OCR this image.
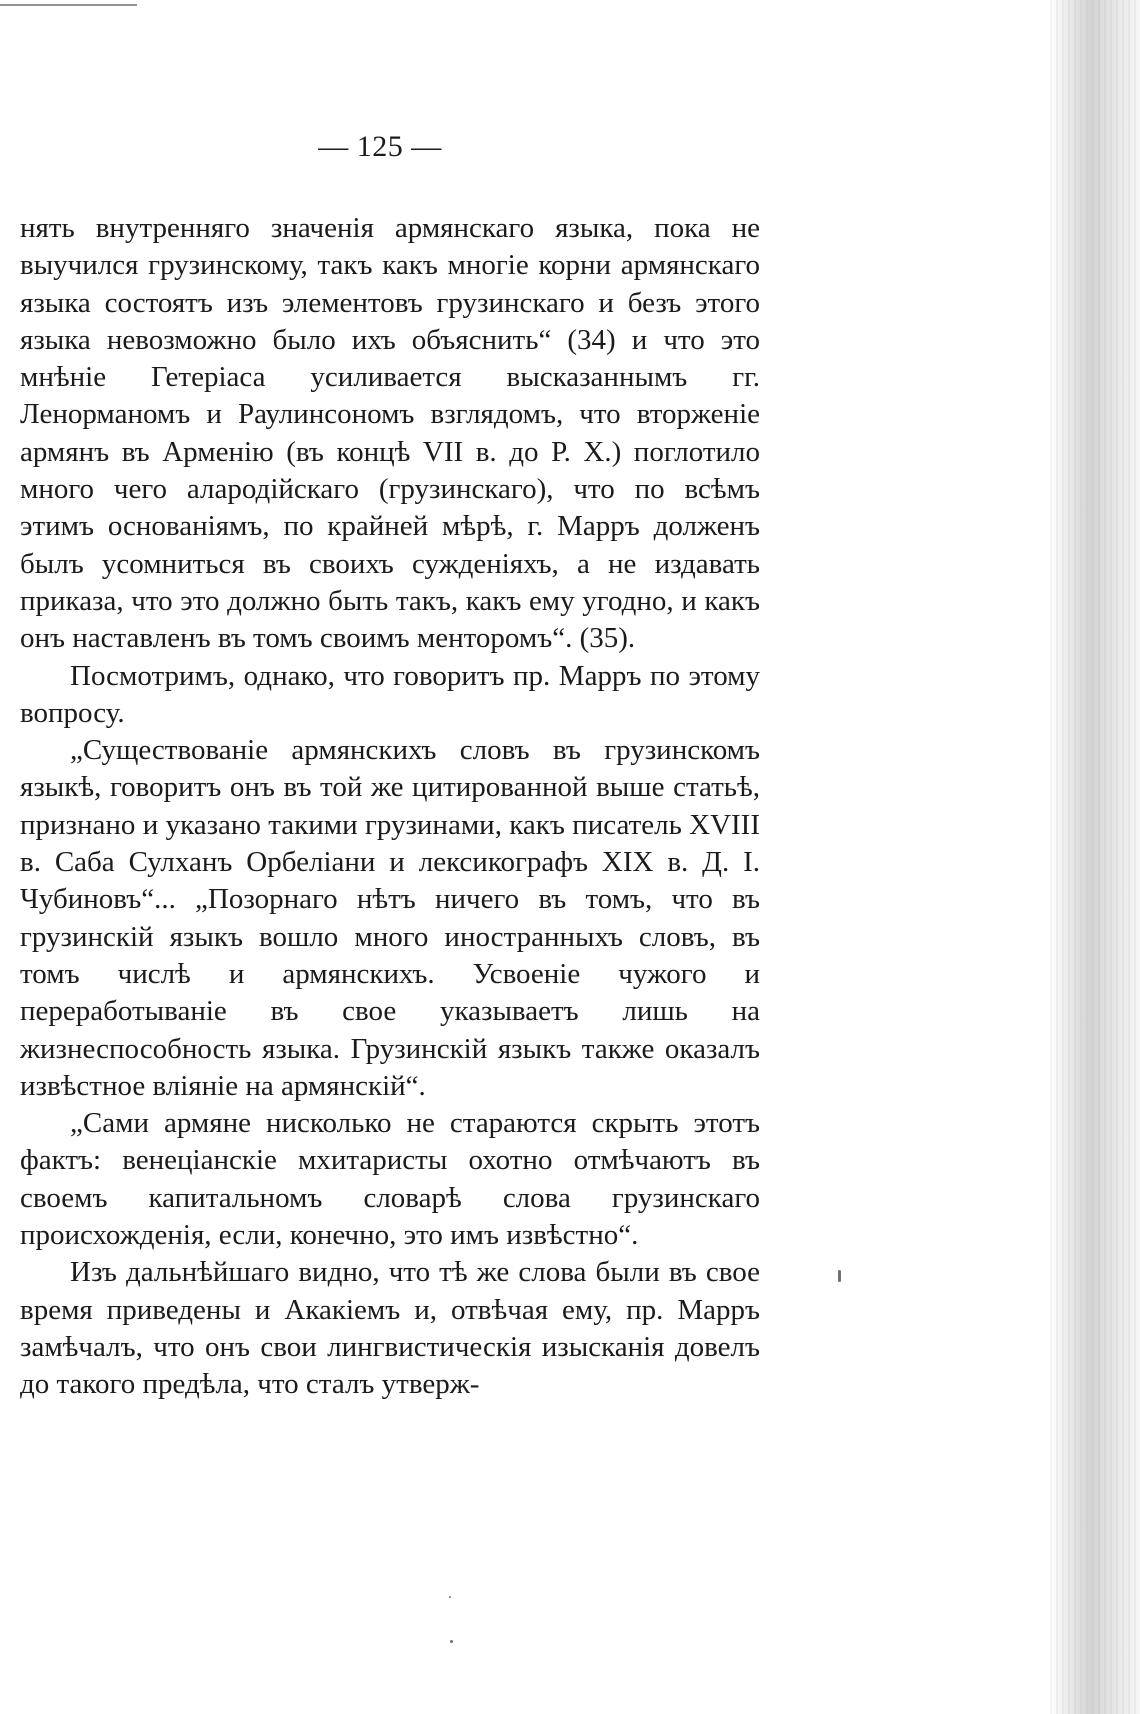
— 125 —

нять внутренняго значенія армянскаго языка, пока не выучился грузинскому, такъ какъ многіе корни армянскаго языка состоятъ изъ элементовъ грузинскаго и безъ этого языка невозможно было ихъ объяснить“ (34) и что это мнѣніе Гетеріаса усиливается высказаннымъ гг. Ленорманомъ и Раулинсономъ взглядомъ, что вторженіе армянъ въ Арменію (въ концѣ VII в. до Р. Х.) поглотило много чего алародійскаго (грузинскаго), что по всѣмъ этимъ основаніямъ, по крайней мѣрѣ, г. Марръ долженъ былъ усомниться въ своихъ сужденіяхъ, а не издавать приказа, что это должно быть такъ, какъ ему угодно, и какъ онъ наставленъ въ томъ своимъ менторомъ“. (35).

Посмотримъ, однако, что говоритъ пр. Марръ по этому вопросу.

„Существованіе армянскихъ словъ въ грузинскомъ языкѣ, говоритъ онъ въ той же цитированной выше статьѣ, признано и указано такими грузинами, какъ писатель XVIII в. Саба Сулханъ Орбеліани и лексикографъ XIX в. Д. І. Чубиновъ“... „Позорнаго нѣтъ ничего въ томъ, что въ грузинскій языкъ вошло много иностранныхъ словъ, въ томъ числѣ и армянскихъ. Усвоеніе чужого и переработываніе въ свое указываетъ лишь на жизнеспособность языка. Грузинскій языкъ также оказалъ извѣстное вліяніе на армянскій“.

„Сами армяне нисколько не стараются скрыть этотъ фактъ: венеціанскіе мхитаристы охотно отмѣчаютъ въ своемъ капитальномъ словарѣ слова грузинскаго происхожденія, если, конечно, это имъ извѣстно“.

Изъ дальнѣйшаго видно, что тѣ же слова были въ свое время приведены и Акакіемъ и, отвѣчая ему, пр. Марръ замѣчалъ, что онъ свои лингвистическія изысканія довелъ до такого предѣла, что сталъ утверж-
